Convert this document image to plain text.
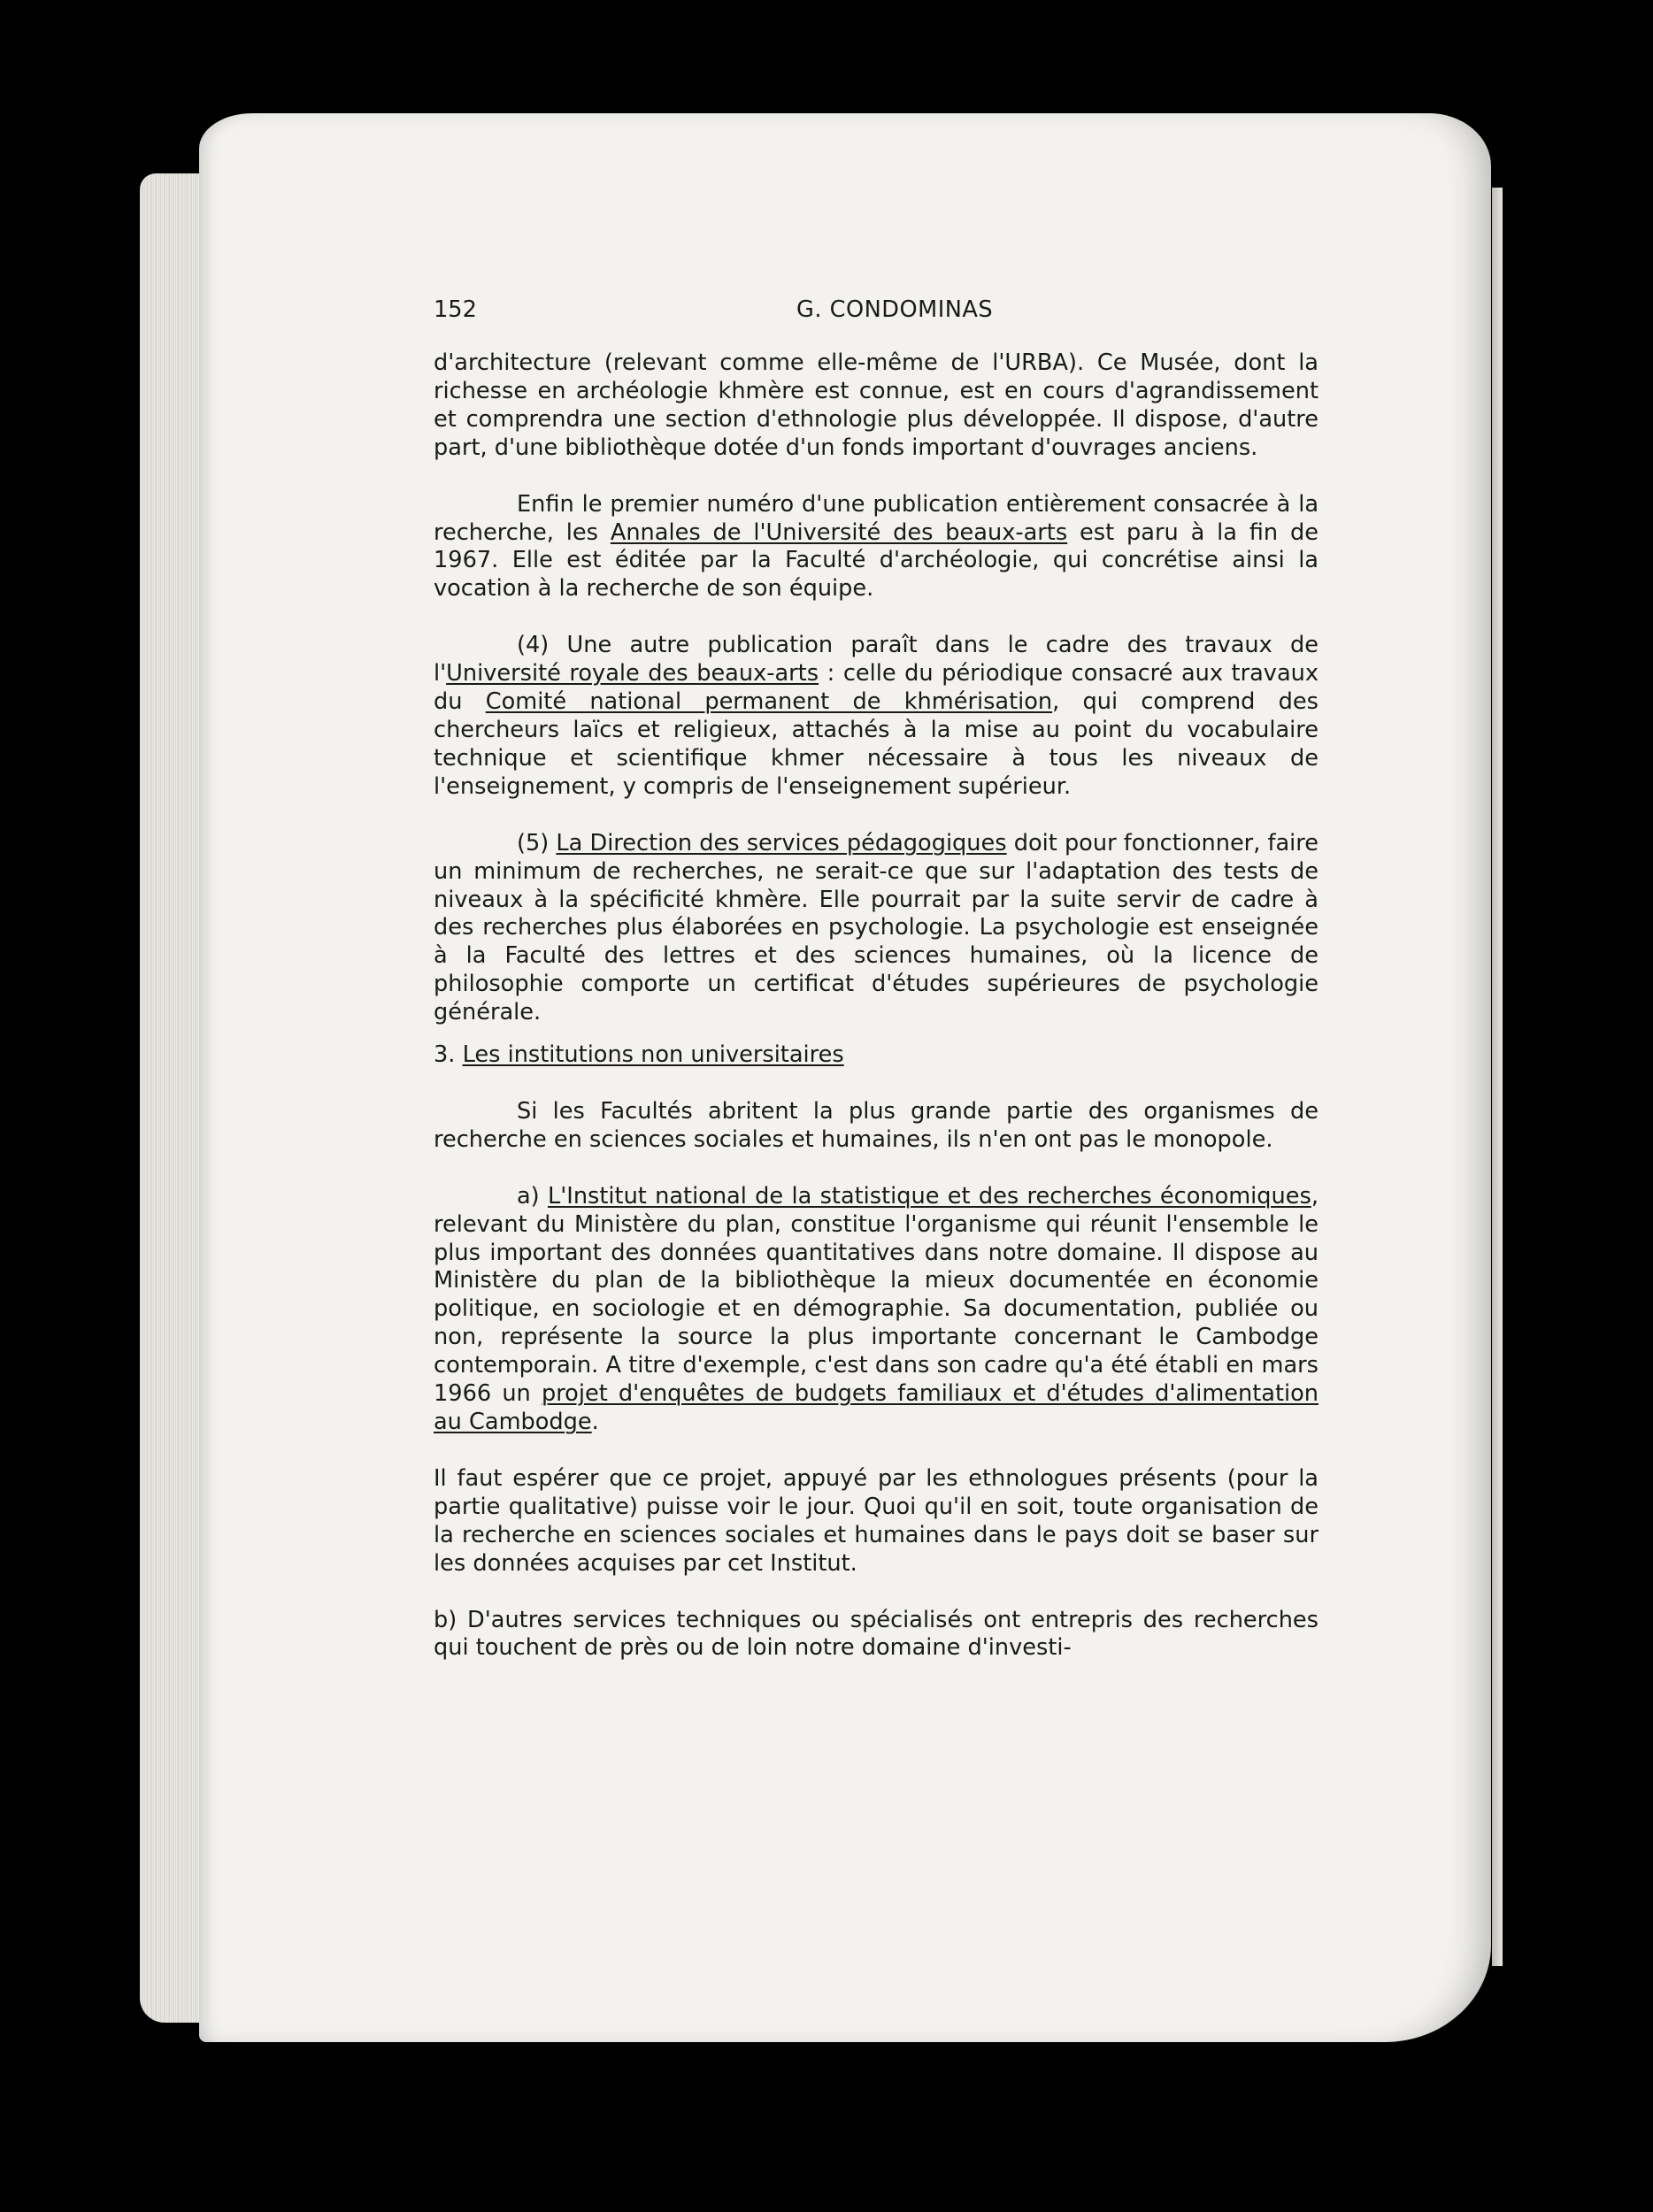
152	G. CONDOMINAS

d'architecture (relevant comme elle-même de l'URBA). Ce Musée, dont la richesse en archéologie khmère est connue, est en cours d'agrandissement et comprendra une section d'ethnologie plus développée. Il dispose, d'autre part, d'une bibliothèque dotée d'un fonds important d'ouvrages anciens.

Enfin le premier numéro d'une publication entièrement consacrée à la recherche, les Annales de l'Université des beaux-arts est paru à la fin de 1967. Elle est éditée par la Faculté d'archéologie, qui concrétise ainsi la vocation à la recherche de son équipe.

(4) Une autre publication paraît dans le cadre des travaux de l'Université royale des beaux-arts : celle du périodique consacré aux travaux du Comité national permanent de khmérisation, qui comprend des chercheurs laïcs et religieux, attachés à la mise au point du vocabulaire technique et scientifique khmer nécessaire à tous les niveaux de l'enseignement, y compris de l'enseignement supérieur.

(5) La Direction des services pédagogiques doit pour fonctionner, faire un minimum de recherches, ne serait-ce que sur l'adaptation des tests de niveaux à la spécificité khmère. Elle pourrait par la suite servir de cadre à des recherches plus élaborées en psychologie. La psychologie est enseignée à la Faculté des lettres et des sciences humaines, où la licence de philosophie comporte un certificat d'études supérieures de psychologie générale.

3. Les institutions non universitaires

Si les Facultés abritent la plus grande partie des organismes de recherche en sciences sociales et humaines, ils n'en ont pas le monopole.

a) L'Institut national de la statistique et des recherches économiques, relevant du Ministère du plan, constitue l'organisme qui réunit l'ensemble le plus important des données quantitatives dans notre domaine. Il dispose au Ministère du plan de la bibliothèque la mieux documentée en économie politique, en sociologie et en démographie. Sa documentation, publiée ou non, représente la source la plus importante concernant le Cambodge contemporain. A titre d'exemple, c'est dans son cadre qu'a été établi en mars 1966 un projet d'enquêtes de budgets familiaux et d'études d'alimentation au Cambodge.

Il faut espérer que ce projet, appuyé par les ethnologues présents (pour la partie qualitative) puisse voir le jour. Quoi qu'il en soit, toute organisation de la recherche en sciences sociales et humaines dans le pays doit se baser sur les données acquises par cet Institut.

b) D'autres services techniques ou spécialisés ont entrepris des recherches qui touchent de près ou de loin notre domaine d'investi-
